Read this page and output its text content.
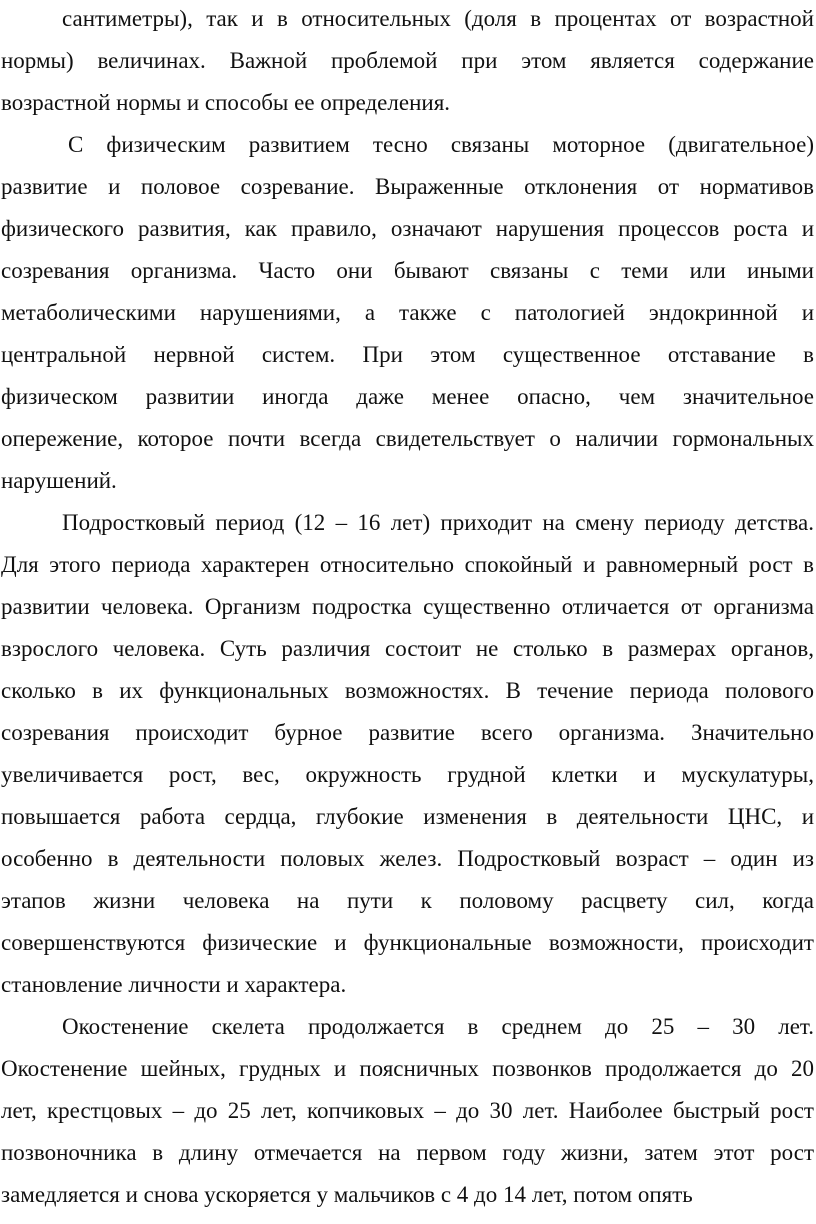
сантиметры), так и в относительных (доля в процентах от возрастной
нормы) величинах. Важной проблемой при этом является содержание
возрастной нормы и способы ее определения.
С физическим развитием тесно связаны моторное (двигательное)
развитие и половое созревание. Выраженные отклонения от нормативов
физического развития, как правило, означают нарушения процессов роста и
созревания организма. Часто они бывают связаны с теми или иными
метаболическими нарушениями, а также с патологией эндокринной и
центральной нервной систем. При этом существенное отставание в
физическом развитии иногда даже менее опасно, чем значительное
опережение, которое почти всегда свидетельствует о наличии гормональных
нарушений.
Подростковый период (12 – 16 лет) приходит на смену периоду детства.
Для этого периода характерен относительно спокойный и равномерный рост в
развитии человека. Организм подростка существенно отличается от организма
взрослого человека. Суть различия состоит не столько в размерах органов,
сколько в их функциональных возможностях. В течение периода полового
созревания происходит бурное развитие всего организма. Значительно
увеличивается рост, вес, окружность грудной клетки и мускулатуры,
повышается работа сердца, глубокие изменения в деятельности ЦНС, и
особенно в деятельности половых желез. Подростковый возраст – один из
этапов жизни человека на пути к половому расцвету сил, когда
совершенствуются физические и функциональные возможности, происходит
становление личности и характера.
Окостенение скелета продолжается в среднем до 25 – 30 лет.
Окостенение шейных, грудных и поясничных позвонков продолжается до 20
лет, крестцовых – до 25 лет, копчиковых – до 30 лет. Наиболее быстрый рост
позвоночника в длину отмечается на первом году жизни, затем этот рост
замедляется и снова ускоряется у мальчиков с 4 до 14 лет, потом опять
